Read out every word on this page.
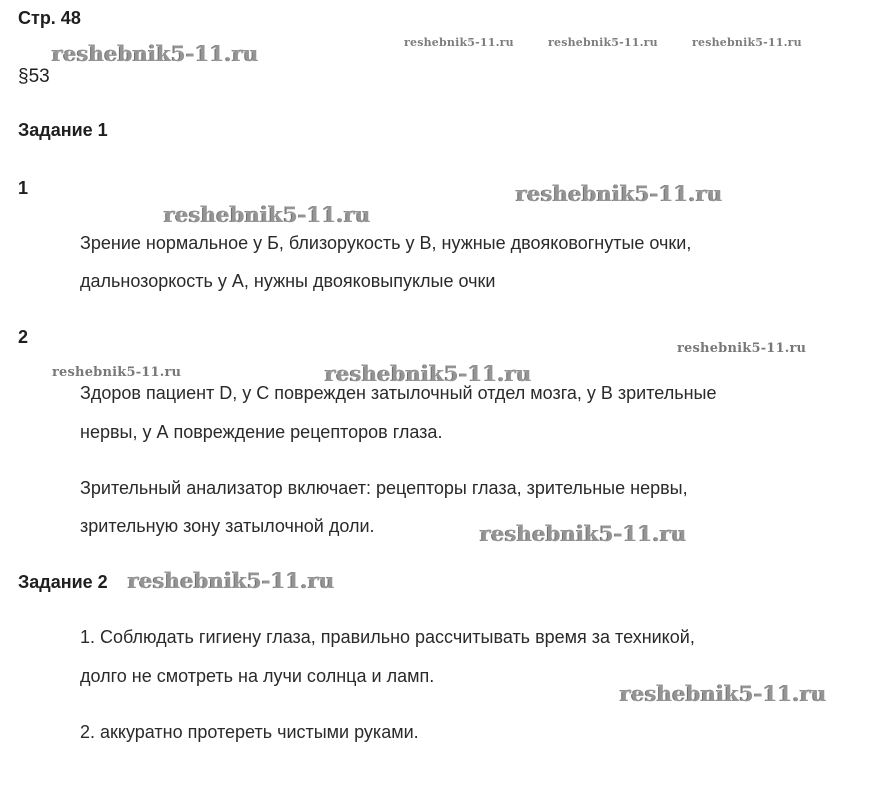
Стр. 48
§53
Задание 1
1
Зрение нормальное у Б, близорукость у В, нужные двояковогнутые очки,
дальнозоркость у А, нужны двояковыпуклые очки
2
Здоров пациент D, у С поврежден затылочный отдел мозга, у В зрительные
нервы, у А повреждение рецепторов глаза.
Зрительный анализатор включает: рецепторы глаза, зрительные нервы,
зрительную зону затылочной доли.
Задание 2
1. Соблюдать гигиену глаза, правильно рассчитывать время за техникой,
долго не смотреть на лучи солнца и ламп.
2. аккуратно протереть чистыми руками.
reshebnik5-11.ru	reshebnik5-11.ru	reshebnik5-11.ru	reshebnik5-11.ru
reshebnik5-11.ru
reshebnik5-11.ru
reshebnik5-11.ru
reshebnik5-11.ru	reshebnik5-11.ru
reshebnik5-11.ru
reshebnik5-11.ru
reshebnik5-11.ru
